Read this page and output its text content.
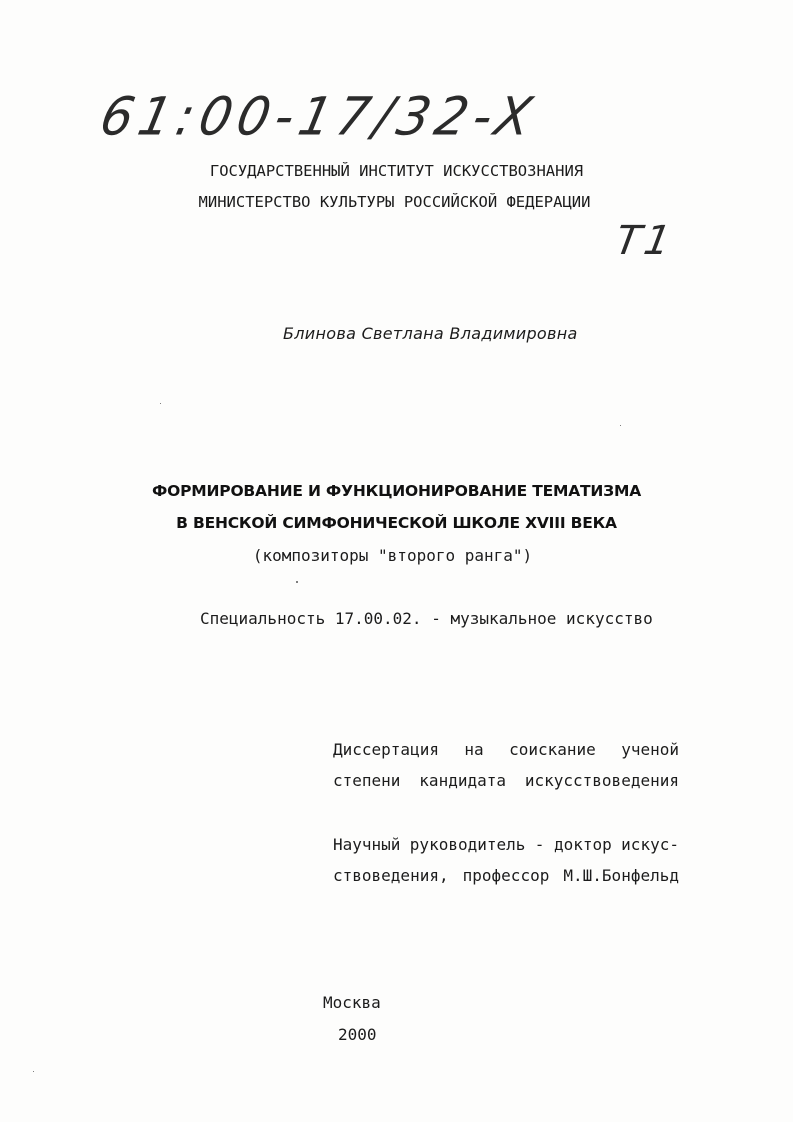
61:00-17/32-X
T1
ГОСУДАРСТВЕННЫЙ ИНСТИТУТ ИСКУССТВОЗНАНИЯ
МИНИСТЕРСТВО КУЛЬТУРЫ РОССИЙСКОЙ ФЕДЕРАЦИИ
Блинова Светлана Владимировна
ФОРМИРОВАНИЕ И ФУНКЦИОНИРОВАНИЕ ТЕМАТИЗМА
В ВЕНСКОЙ СИМФОНИЧЕСКОЙ ШКОЛЕ XVIII ВЕКА
(композиторы "второго ранга")
Специальность 17.00.02. - музыкальное искусство
Диссертация на соискание ученой
степени кандидата искусствоведения
Научный руководитель - доктор искус-
ствоведения, профессор М.Ш.Бонфельд
Москва
2000
